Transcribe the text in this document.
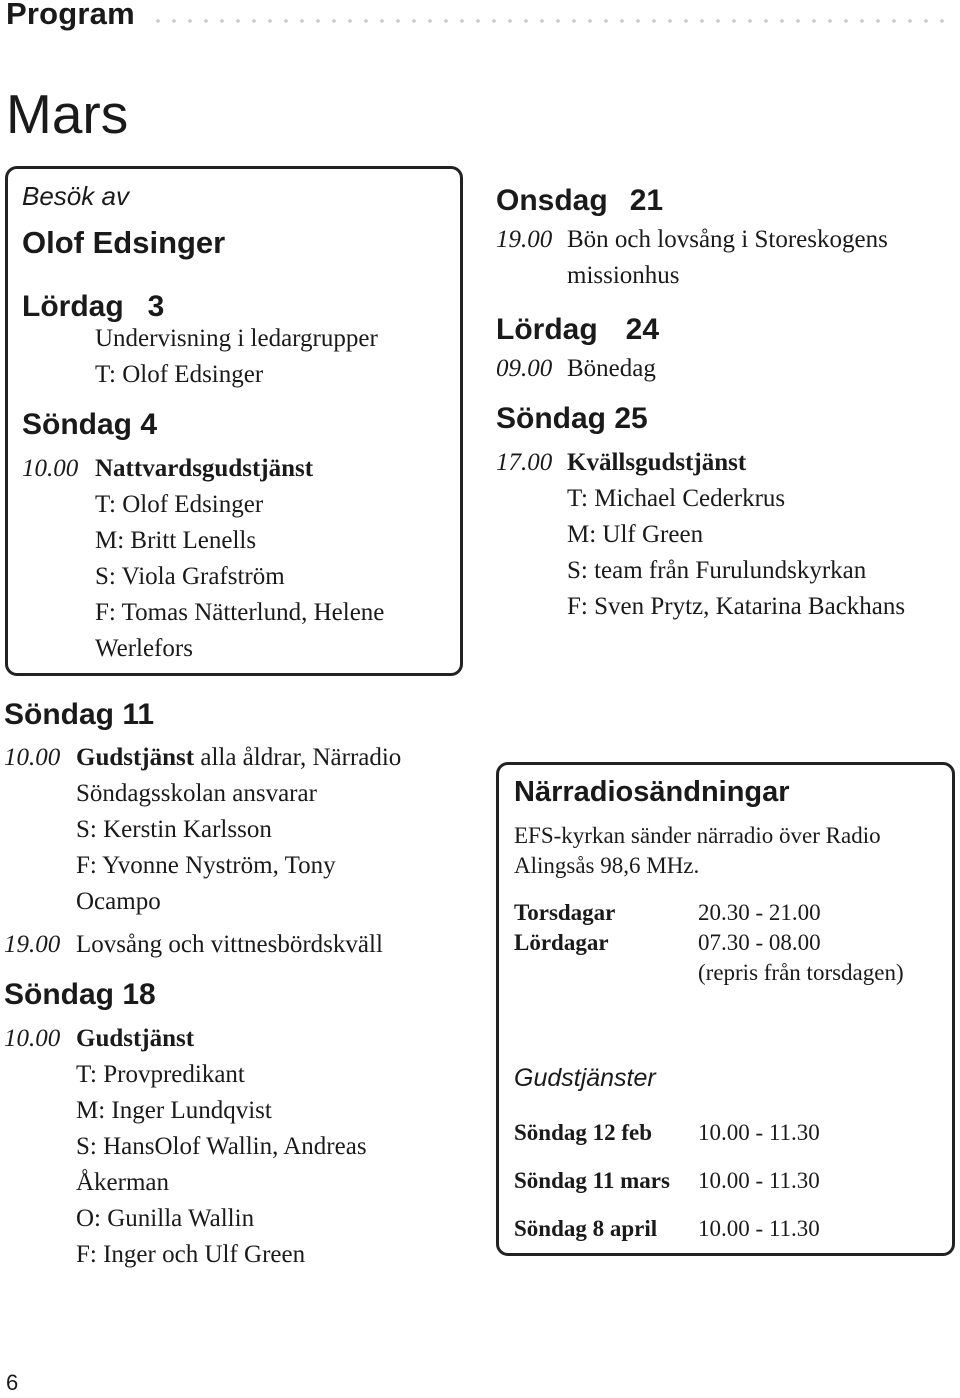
Program
Mars
Besök av
Olof Edsinger
Lördag 3
Undervisning i ledargrupper
T: Olof Edsinger
Söndag 4
10.00 Nattvardsgudstjänst
T: Olof Edsinger
M: Britt Lenells
S: Viola Grafström
F: Tomas Nätterlund, Helene
Werlefors
Söndag 11
10.00 Gudstjänst alla åldrar, Närradio
Söndagsskolan ansvarar
S: Kerstin Karlsson
F: Yvonne Nyström, Tony
Ocampo
19.00 Lovsång och vittnesbördskväll
Söndag 18
10.00 Gudstjänst
T: Provpredikant
M: Inger Lundqvist
S: HansOlof Wallin, Andreas
Åkerman
O: Gunilla Wallin
F: Inger och Ulf Green
Onsdag 21
19.00 Bön och lovsång i Storeskogens
missionhus
Lördag 24
09.00 Bönedag
Söndag 25
17.00 Kvällsgudstjänst
T: Michael Cederkrus
M: Ulf Green
S: team från Furulundskyrkan
F: Sven Prytz, Katarina Backhans
Närradiosändningar
EFS-kyrkan sänder närradio över Radio
Alingsås 98,6 MHz.
Torsdagar	20.30 - 21.00
Lördagar	07.30 - 08.00
(repris från torsdagen)
Gudstjänster
Söndag 12 feb 10.00 - 11.30
Söndag 11 mars 10.00 - 11.30
Söndag 8 april 10.00 - 11.30
6
